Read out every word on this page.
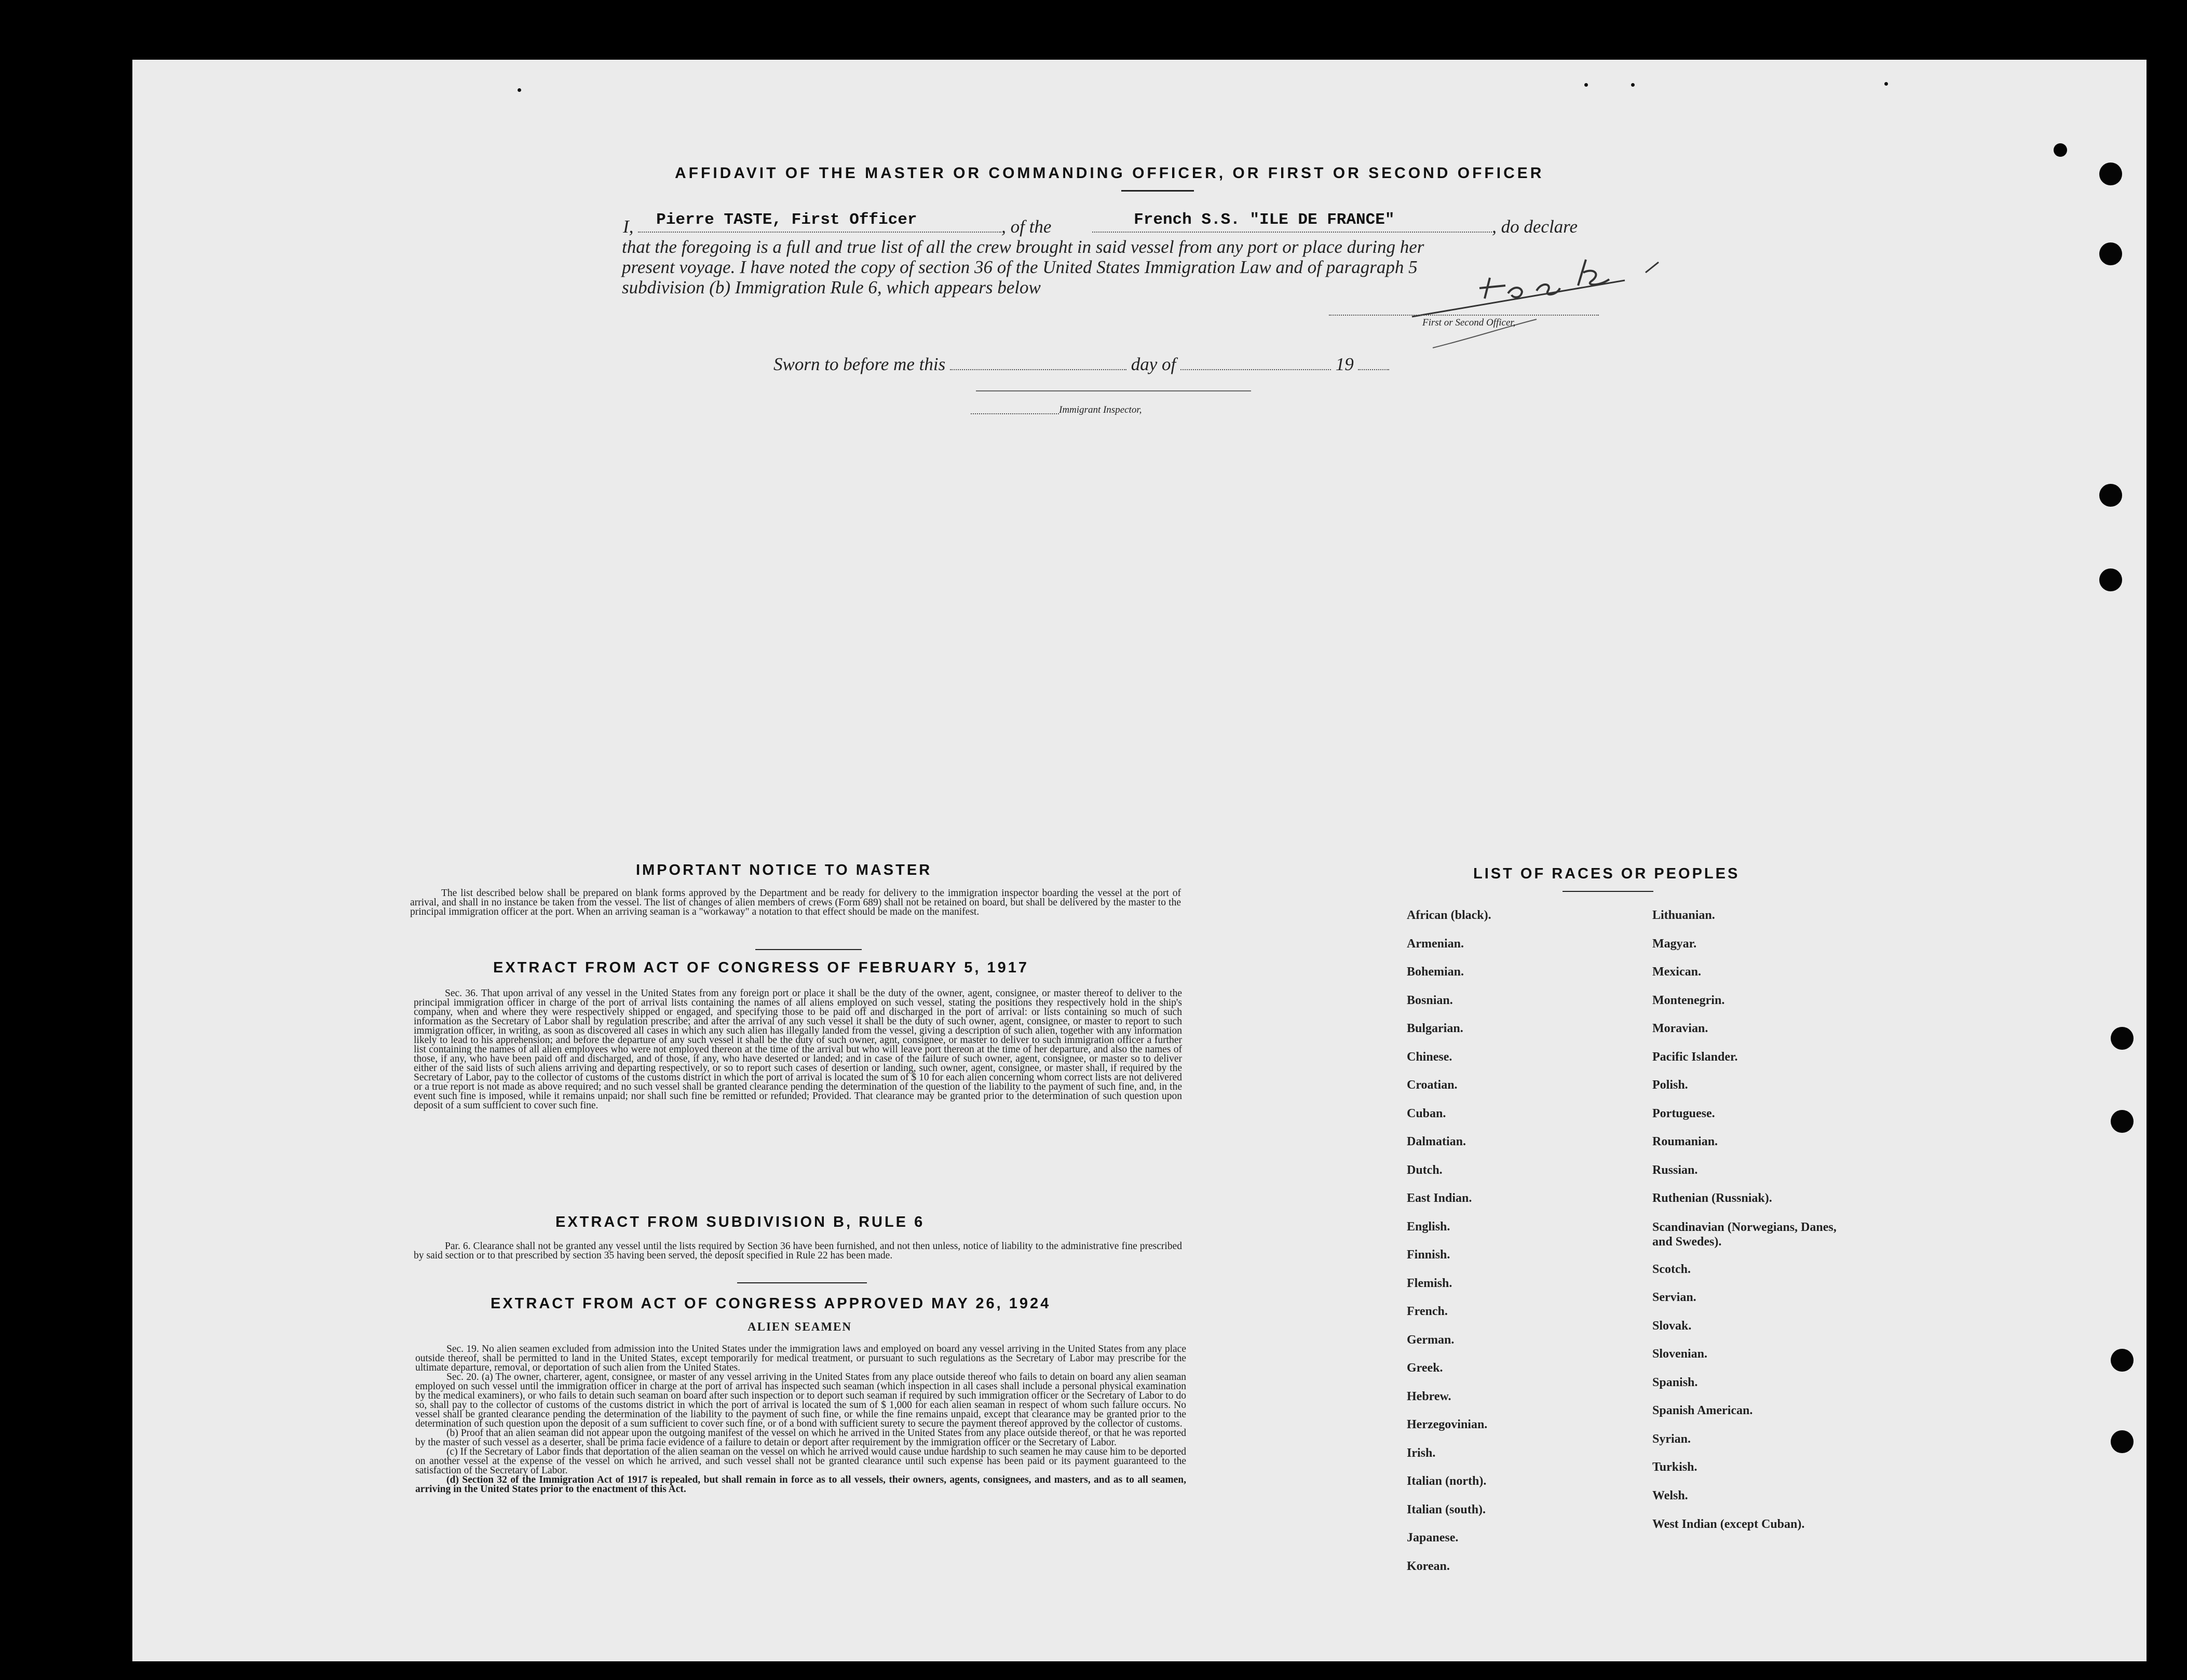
AFFIDAVIT OF THE MASTER OR COMMANDING OFFICER, OR FIRST OR SECOND OFFICER
I, Pierre TASTE, First Officer	, of the	French S.S. "ILE DE FRANCE"	, do declare
that the foregoing is a full and true list of all the crew brought in said vessel from any port or place during her
present voyage. I have noted the copy of section 36 of the United States Immigration Law and of paragraph 5
subdivision (b) Immigration Rule 6, which appears below
First or Second Officer,
Sworn to before me this	day of	19
Immigrant Inspector,
IMPORTANT NOTICE TO MASTER

The list described below shall be prepared on blank forms approved by the Department and be ready for delivery to the immigration inspector boarding the vessel at the port of arrival, and shall in no instance be taken from the vessel. The list of changes of alien members of crews (Form 689) shall not be retained on board, but shall be delivered by the master to the principal immigration officer at the port. When an arriving seaman is a "workaway" a notation to that effect should be made on the manifest.

EXTRACT FROM ACT OF CONGRESS OF FEBRUARY 5, 1917

Sec. 36. That upon arrival of any vessel in the United States from any foreign port or place it shall be the duty of the owner, agent, consignee, or master thereof to deliver to the principal immigration officer in charge of the port of arrival lists containing the names of all aliens employed on such vessel, stating the positions they respectively hold in the ship's company, when and where they were respectively shipped or engaged, and specifying those to be paid off and discharged in the port of arrival: or lists containing so much of such information as the Secretary of Labor shall by regulation prescribe; and after the arrival of any such vessel it shall be the duty of such owner, agent, consignee, or master to report to such immigration officer, in writing, as soon as discovered all cases in which any such alien has illegally landed from the vessel, giving a description of such alien, together with any information likely to lead to his apprehension; and before the departure of any such vessel it shall be the duty of such owner, agnt, consignee, or master to deliver to such immigration officer a further list containing the names of all alien employees who were not employed thereon at the time of the arrival but who will leave port thereon at the time of her departure, and also the names of those, if any, who have been paid off and discharged, and of those, if any, who have deserted or landed; and in case of the failure of such owner, agent, consignee, or master so to deliver either of the said lists of such aliens arriving and departing respectively, or so to report such cases of desertion or landing, such owner, agent, consignee, or master shall, if required by the Secretary of Labor, pay to the collector of customs of the customs district in which the port of arrival is located the sum of $ 10 for each alien concerning whom correct lists are not delivered or a true report is not made as above required; and no such vessel shall be granted clearance pending the determination of the question of the liability to the payment of such fine, and, in the event such fine is imposed, while it remains unpaid; nor shall such fine be remitted or refunded; Provided. That clearance may be granted prior to the determination of such question upon deposit of a sum sufficient to cover such fine.

EXTRACT FROM SUBDIVISION B, RULE 6

Par. 6. Clearance shall not be granted any vessel until the lists required by Section 36 have been furnished, and not then unless, notice of liability to the administrative fine prescribed by said section or to that prescribed by section 35 having been served, the deposit specified in Rule 22 has been made.

EXTRACT FROM ACT OF CONGRESS APPROVED MAY 26, 1924
ALIEN SEAMEN

Sec. 19. No alien seamen excluded from admission into the United States under the immigration laws and employed on board any vessel arriving in the United States from any place outside thereof, shall be permitted to land in the United States, except temporarily for medical treatment, or pursuant to such regulations as the Secretary of Labor may prescribe for the ultimate departure, removal, or deportation of such alien from the United States.

Sec. 20. (a) The owner, charterer, agent, consignee, or master of any vessel arriving in the United States from any place outside thereof who fails to detain on board any alien seaman employed on such vessel until the immigration officer in charge at the port of arrival has inspected such seaman (which inspection in all cases shall include a personal physical examination by the medical examiners), or who fails to detain such seaman on board after such inspection or to deport such seaman if required by such immigration officer or the Secretary of Labor to do so, shall pay to the collector of customs of the customs district in which the port of arrival is located the sum of $ 1,000 for each alien seaman in respect of whom such failure occurs. No vessel shall be granted clearance pending the determination of the liability to the payment of such fine, or while the fine remains unpaid, except that clearance may be granted prior to the determination of such question upon the deposit of a sum sufficient to cover such fine, or of a bond with sufficient surety to secure the payment thereof approved by the collector of customs.

(b) Proof that an alien seaman did not appear upon the outgoing manifest of the vessel on which he arrived in the United States from any place outside thereof, or that he was reported by the master of such vessel as a deserter, shall be prima facie evidence of a failure to detain or deport after requirement by the immigration officer or the Secretary of Labor.

(c) If the Secretary of Labor finds that deportation of the alien seaman on the vessel on which he arrived would cause undue hardship to such seamen he may cause him to be deported on another vessel at the expense of the vessel on which he arrived, and such vessel shall not be granted clearance until such expense has been paid or its payment guaranteed to the satisfaction of the Secretary of Labor.

(d) Section 32 of the Immigration Act of 1917 is repealed, but shall remain in force as to all vessels, their owners, agents, consignees, and masters, and as to all seamen, arriving in the United States prior to the enactment of this Act.

LIST OF RACES OR PEOPLES
African (black).
Armenian.
Bohemian.
Bosnian.
Bulgarian.
Chinese.
Croatian.
Cuban.
Dalmatian.
Dutch.
East Indian.
English.
Finnish.
Flemish.
French.
German.
Greek.
Hebrew.
Herzegovinian.
Irish.
Italian (north).
Italian (south).
Japanese.
Korean.
Lithuanian.
Magyar.
Mexican.
Montenegrin.
Moravian.
Pacific Islander.
Polish.
Portuguese.
Roumanian.
Russian.
Ruthenian (Russniak).
Scandinavian (Norwegians, Danes, and Swedes).
Scotch.
Servian.
Slovak.
Slovenian.
Spanish.
Spanish American.
Syrian.
Turkish.
Welsh.
West Indian (except Cuban).
